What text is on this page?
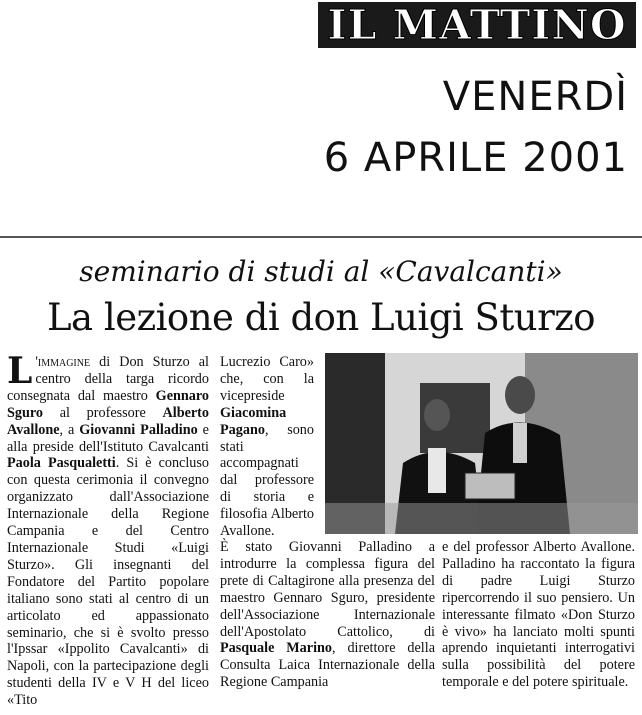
IL MATTINO
VENERDÌ
6 APRILE 2001
seminario di studi al «Cavalcanti»
La lezione di don Luigi Sturzo
L 'immagine di Don Sturzo al centro della targa ricordo consegnata dal maestro Gennaro Sguro al professore Alberto Avallone, a Giovanni Palladino e alla preside dell'Istituto Cavalcanti Paola Pasqualetti. Si è concluso con questa cerimonia il convegno organizzato dall'Associazione Internazionale della Regione Campania e del Centro Internazionale Studi «Luigi Sturzo». Gli insegnanti del Fondatore del Partito popolare italiano sono stati al centro di un articolato ed appassionato seminario, che si è svolto presso l'Ipssar «Ippolito Cavalcanti» di Napoli, con la partecipazione degli studenti della IV e V H del liceo «Tito
Lucrezio Caro» che, con la vicepreside Giacomina Pagano, sono stati accompagnati dal professore di storia e filosofia Alberto Avallone.
È stato Giovanni Palladino a introdurre la complessa figura del prete di Caltagirone alla presenza del maestro Gennaro Sguro, presidente dell'Associazione Internazionale dell'Apostolato Cattolico, di Pasquale Marino, direttore della Consulta Laica Internazionale della Regione Campania
e del professor Alberto Avallone. Palladino ha raccontato la figura di padre Luigi Sturzo ripercorrendo il suo pensiero. Un interessante filmato «Don Sturzo è vivo» ha lanciato molti spunti aprendo inquietanti interrogativi sulla possibilità del potere temporale e del potere spirituale.
